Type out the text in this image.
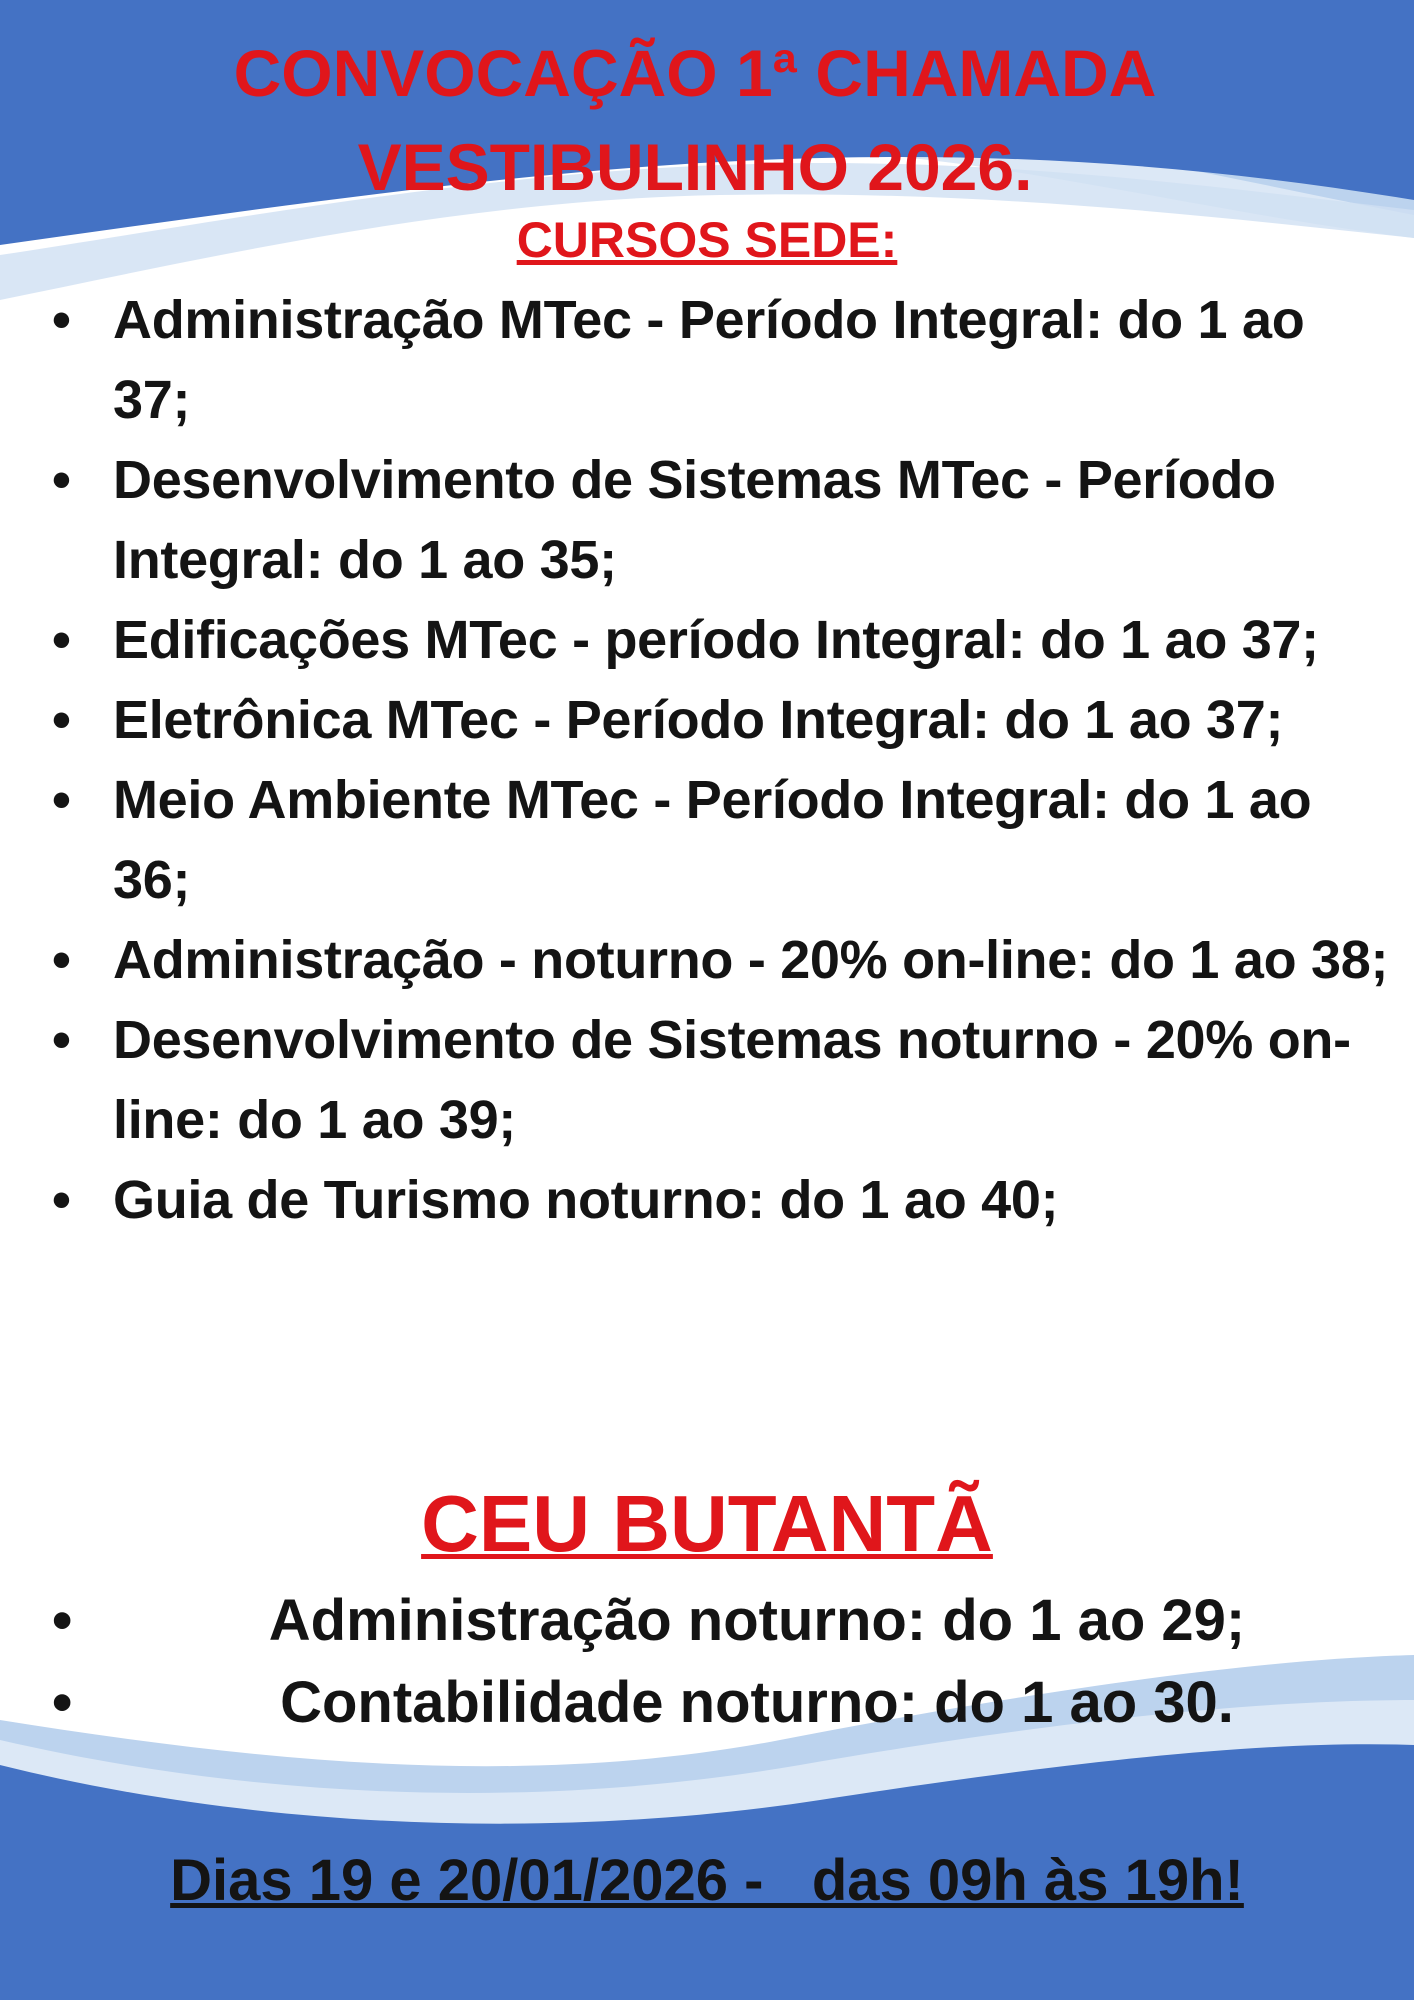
CONVOCAÇÃO 1ª CHAMADA
VESTIBULINHO 2026.
CURSOS SEDE:
• Administração MTec - Período Integral: do 1 ao 37;
• Desenvolvimento de Sistemas MTec - Período Integral: do 1 ao 35;
• Edificações MTec - período Integral: do 1 ao 37;
• Eletrônica MTec - Período Integral: do 1 ao 37;
• Meio Ambiente MTec - Período Integral: do 1 ao 36;
• Administração - noturno - 20% on-line: do 1 ao 38;
• Desenvolvimento de Sistemas noturno - 20% on-line: do 1 ao 39;
• Guia de Turismo noturno: do 1 ao 40;
CEU BUTANTÃ
•	Administração noturno: do 1 ao 29;
•	Contabilidade noturno: do 1 ao 30.

Dias 19 e 20/01/2026 -   das 09h às 19h!
